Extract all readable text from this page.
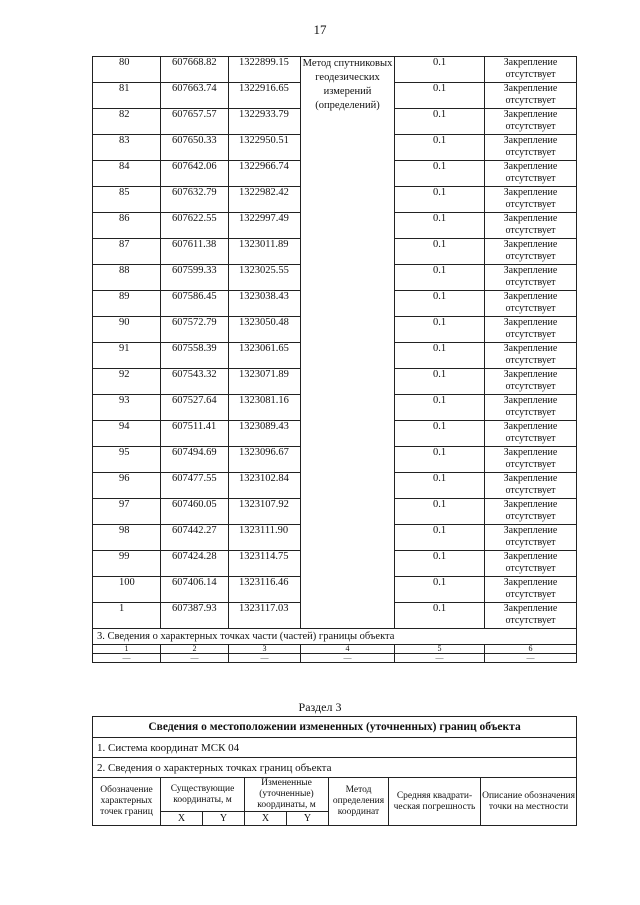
17
80	607668.82	1322899.15	Метод спутниковых геодезических измерений (определений)	0.1	Закрепление отсутствует
81	607663.74	1322916.65		0.1	Закрепление отсутствует
82	607657.57	1322933.79		0.1	Закрепление отсутствует
83	607650.33	1322950.51		0.1	Закрепление отсутствует
84	607642.06	1322966.74		0.1	Закрепление отсутствует
85	607632.79	1322982.42		0.1	Закрепление отсутствует
86	607622.55	1322997.49		0.1	Закрепление отсутствует
87	607611.38	1323011.89		0.1	Закрепление отсутствует
88	607599.33	1323025.55		0.1	Закрепление отсутствует
89	607586.45	1323038.43		0.1	Закрепление отсутствует
90	607572.79	1323050.48		0.1	Закрепление отсутствует
91	607558.39	1323061.65		0.1	Закрепление отсутствует
92	607543.32	1323071.89		0.1	Закрепление отсутствует
93	607527.64	1323081.16		0.1	Закрепление отсутствует
94	607511.41	1323089.43		0.1	Закрепление отсутствует
95	607494.69	1323096.67		0.1	Закрепление отсутствует
96	607477.55	1323102.84		0.1	Закрепление отсутствует
97	607460.05	1323107.92		0.1	Закрепление отсутствует
98	607442.27	1323111.90		0.1	Закрепление отсутствует
99	607424.28	1323114.75		0.1	Закрепление отсутствует
100	607406.14	1323116.46		0.1	Закрепление отсутствует
1	607387.93	1323117.03		0.1	Закрепление отсутствует
3. Сведения о характерных точках части (частей) границы объекта					
1	2	3	4	5	6
—	—	—	—	—	—
Раздел 3
Сведения о местоположении измененных (уточненных) границ объекта							
1. Система координат МСК 04							
2. Сведения о характерных точках границ объекта							
Обозначение характерных точек границ	Существующие координаты, м		Измененные (уточненные) координаты, м		Метод определения координат	Средняя квадрати-ческая погрешность	Описание обозначения точки на местности
	X	Y	X	Y			
